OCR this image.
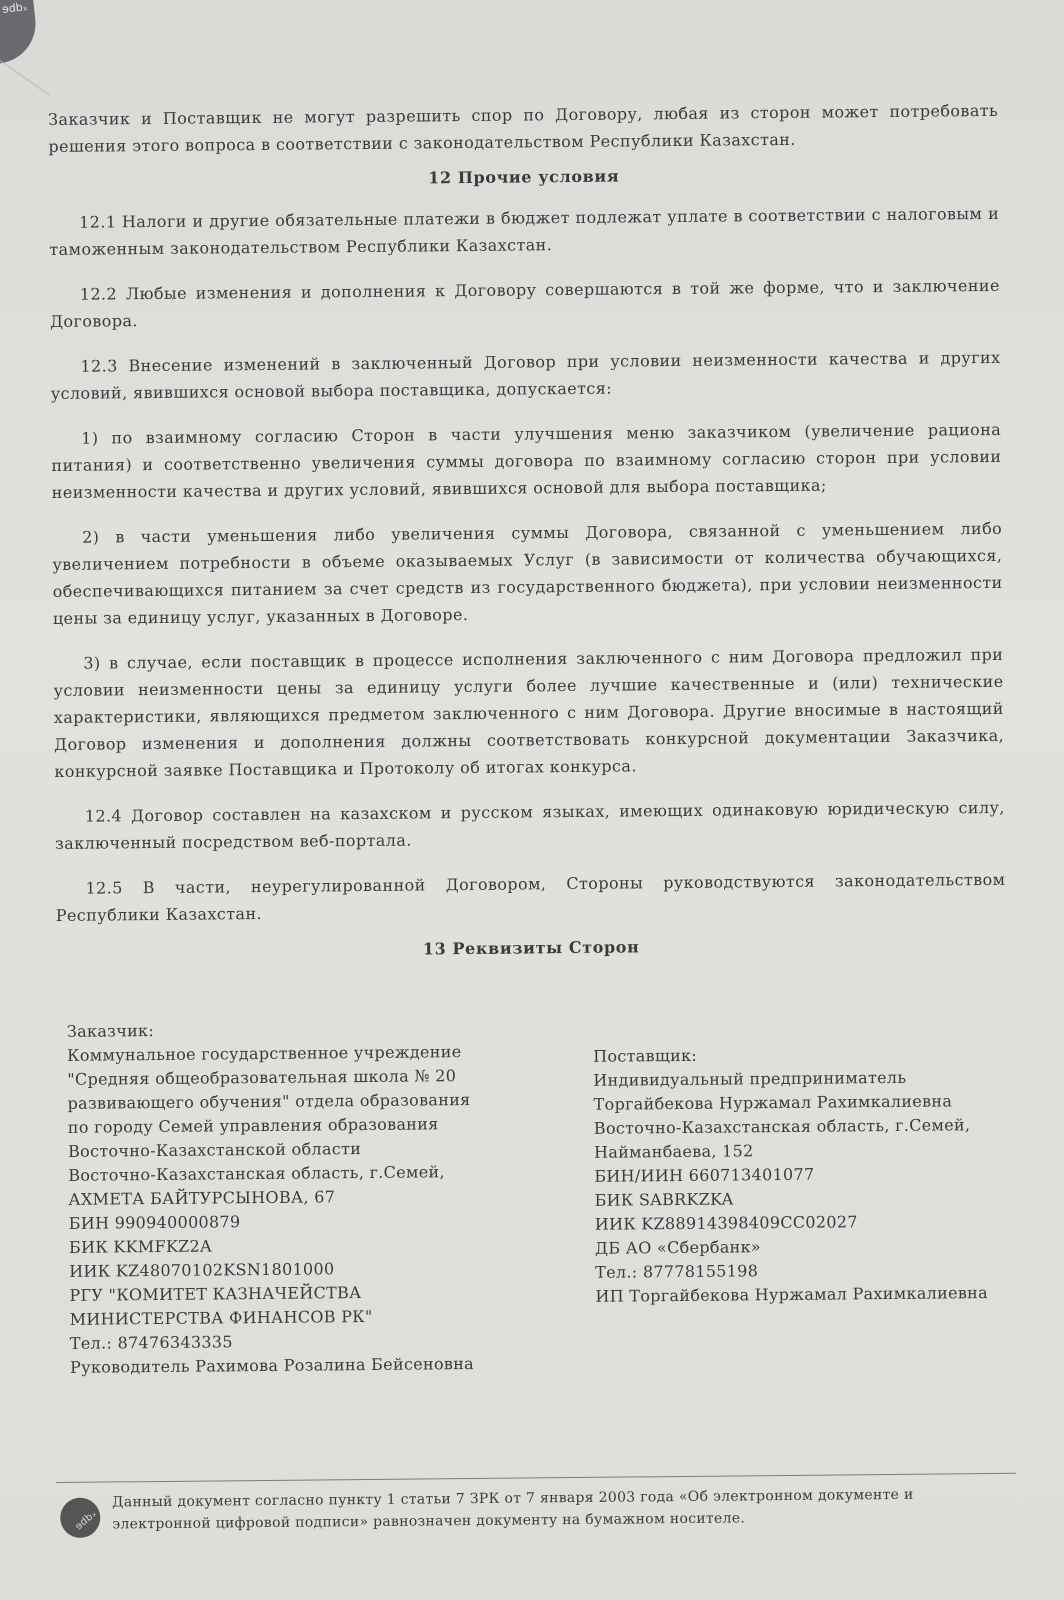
ɘdbₓ

Заказчик и Поставщик не могут разрешить спор по Договору, любая из сторон может потребовать решения этого вопроса в соответствии с законодательством Республики Казахстан.

12 Прочие условия

12.1 Налоги и другие обязательные платежи в бюджет подлежат уплате в соответствии с налоговым и таможенным законодательством Республики Казахстан.

12.2 Любые изменения и дополнения к Договору совершаются в той же форме, что и заключение Договора.

12.3 Внесение изменений в заключенный Договор при условии неизменности качества и других условий, явившихся основой выбора поставщика, допускается:

1) по взаимному согласию Сторон в части улучшения меню заказчиком (увеличение рациона питания) и соответственно увеличения суммы договора по взаимному согласию сторон при условии неизменности качества и других условий, явившихся основой для выбора поставщика;

2) в части уменьшения либо увеличения суммы Договора, связанной с уменьшением либо увеличением потребности в объеме оказываемых Услуг (в зависимости от количества обучающихся, обеспечивающихся питанием за счет средств из государственного бюджета), при условии неизменности цены за единицу услуг, указанных в Договоре.

3) в случае, если поставщик в процессе исполнения заключенного с ним Договора предложил при условии неизменности цены за единицу услуги более лучшие качественные и (или) технические характеристики, являющихся предметом заключенного с ним Договора. Другие вносимые в настоящий Договор изменения и дополнения должны соответствовать конкурсной документации Заказчика, конкурсной заявке Поставщика и Протоколу об итогах конкурса.

12.4 Договор составлен на казахском и русском языках, имеющих одинаковую юридическую силу, заключенный посредством веб-портала.

12.5 В части, неурегулированной Договором, Стороны руководствуются законодательством Республики Казахстан.

13 Реквизиты Сторон
Заказчик:
Коммунальное государственное учреждение
"Средняя общеобразовательная школа № 20
развивающего обучения" отдела образования
по городу Семей управления образования
Восточно-Казахстанской области
Восточно-Казахстанская область, г.Семей,
АХМЕТА БАЙТУРСЫНОВА, 67
БИН 990940000879
БИК KKMFKZ2A
ИИК KZ48070102KSN1801000
РГУ "КОМИТЕТ КАЗНАЧЕЙСТВА
МИНИСТЕРСТВА ФИНАНСОВ РК"
Тел.: 87476343335
Руководитель Рахимова Розалина Бейсеновна
Поставщик:
Индивидуальный предприниматель
Торгайбекова Нуржамал Рахимкалиевна
Восточно-Казахстанская область, г.Семей,
Найманбаева, 152
БИН/ИИН 660713401077
БИК SABRKZKA
ИИК KZ88914398409CC02027
ДБ АО «Сбербанк»
Тел.: 87778155198
ИП Торгайбекова Нуржамал Рахимкалиевна
ɘdbₓ
Данный документ согласно пункту 1 статьи 7 ЗРК от 7 января 2003 года «Об электронном документе и электронной цифровой подписи» равнозначен документу на бумажном носителе.
